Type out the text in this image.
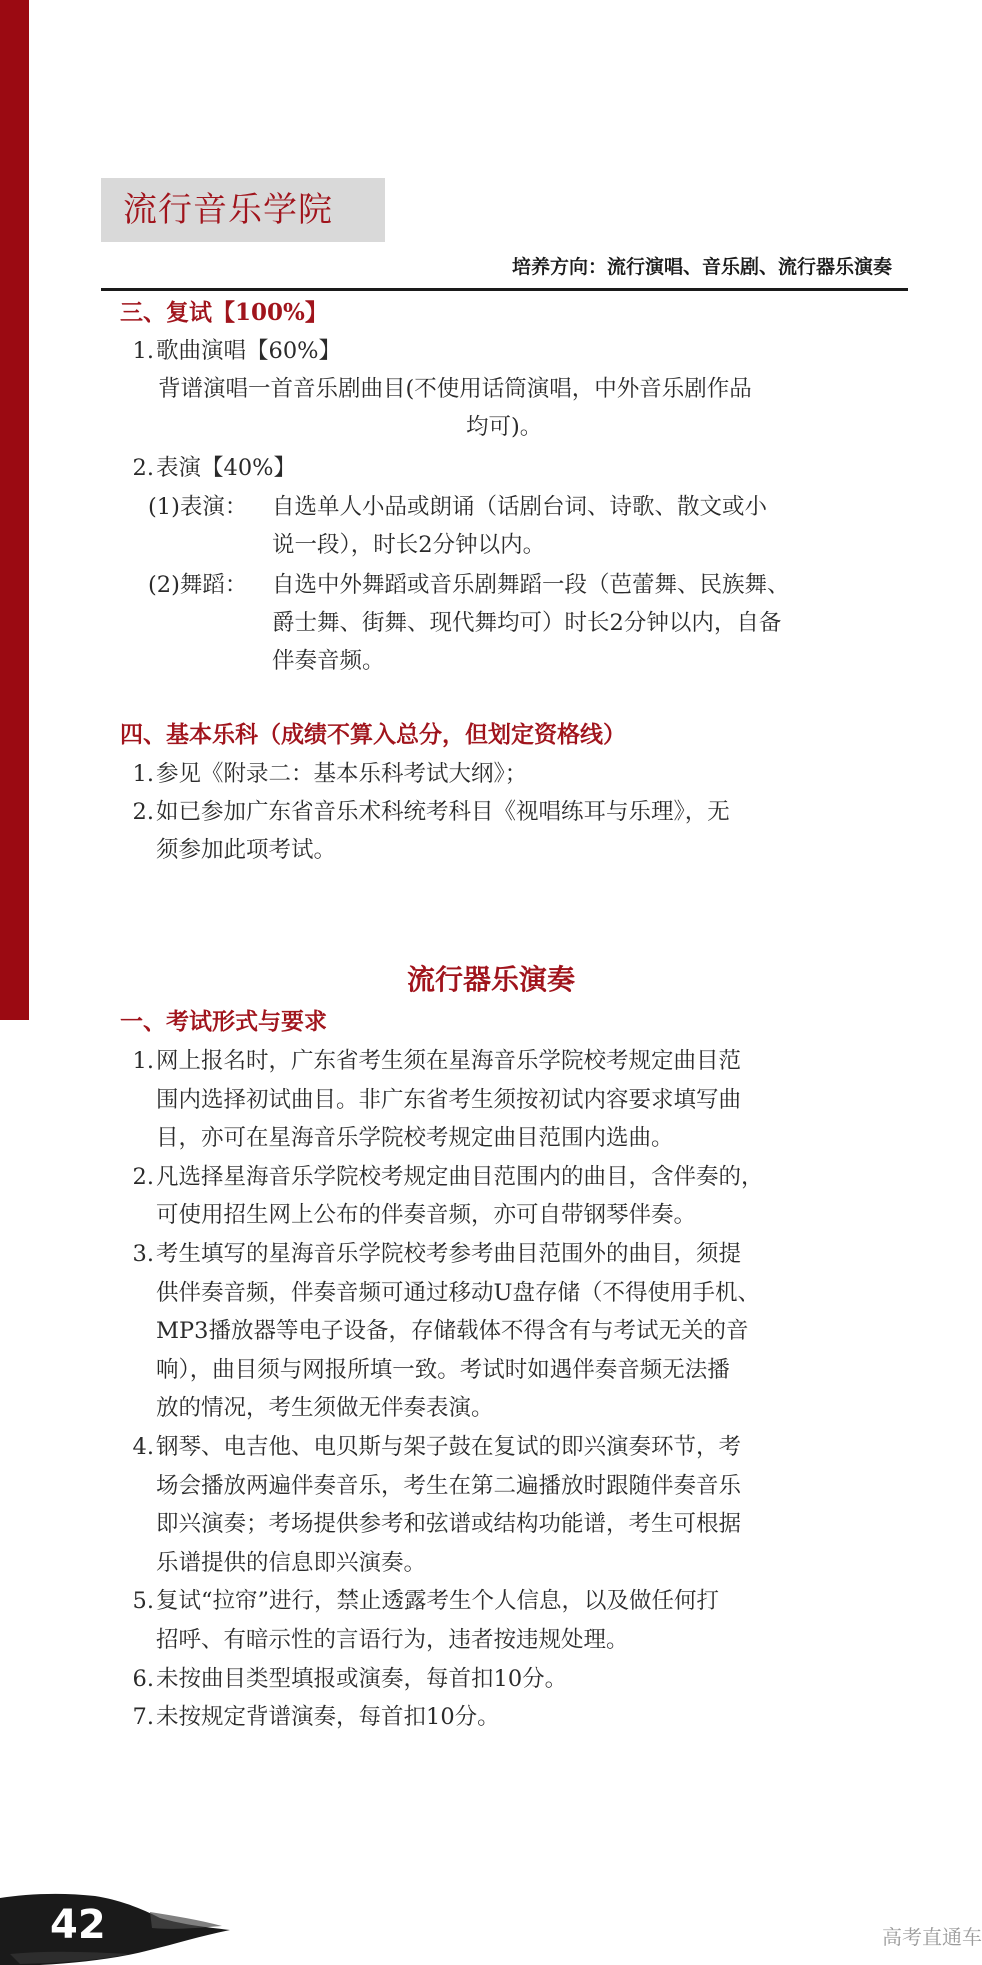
流行音乐学院
培养方向：流行演唱、音乐剧、流行器乐演奏
三、复试【100%】
1.歌曲演唱【60%】
背谱演唱一首音乐剧曲目(不使用话筒演唱，中外音乐剧作品
均可)。
2.表演【40%】
(1)表演： 自选单人小品或朗诵（话剧台词、诗歌、散文或小
说一段），时长2分钟以内。
(2)舞蹈： 自选中外舞蹈或音乐剧舞蹈一段（芭蕾舞、民族舞、
爵士舞、街舞、现代舞均可）时长2分钟以内，自备
伴奏音频。
四、基本乐科（成绩不算入总分，但划定资格线）
1.参见《附录二：基本乐科考试大纲》；
2.如已参加广东省音乐术科统考科目《视唱练耳与乐理》，无
须参加此项考试。
流行器乐演奏
一、考试形式与要求
1.网上报名时，广东省考生须在星海音乐学院校考规定曲目范
围内选择初试曲目。非广东省考生须按初试内容要求填写曲
目，亦可在星海音乐学院校考规定曲目范围内选曲。
2.凡选择星海音乐学院校考规定曲目范围内的曲目，含伴奏的，
可使用招生网上公布的伴奏音频，亦可自带钢琴伴奏。
3.考生填写的星海音乐学院校考参考曲目范围外的曲目，须提
供伴奏音频，伴奏音频可通过移动U盘存储（不得使用手机、
MP3播放器等电子设备，存储载体不得含有与考试无关的音
响），曲目须与网报所填一致。考试时如遇伴奏音频无法播
放的情况，考生须做无伴奏表演。
4.钢琴、电吉他、电贝斯与架子鼓在复试的即兴演奏环节，考
场会播放两遍伴奏音乐，考生在第二遍播放时跟随伴奏音乐
即兴演奏；考场提供参考和弦谱或结构功能谱，考生可根据
乐谱提供的信息即兴演奏。
5.复试“拉帘”进行，禁止透露考生个人信息，以及做任何打
招呼、有暗示性的言语行为，违者按违规处理。
6.未按曲目类型填报或演奏，每首扣10分。
7.未按规定背谱演奏，每首扣10分。
42	高考直通车
